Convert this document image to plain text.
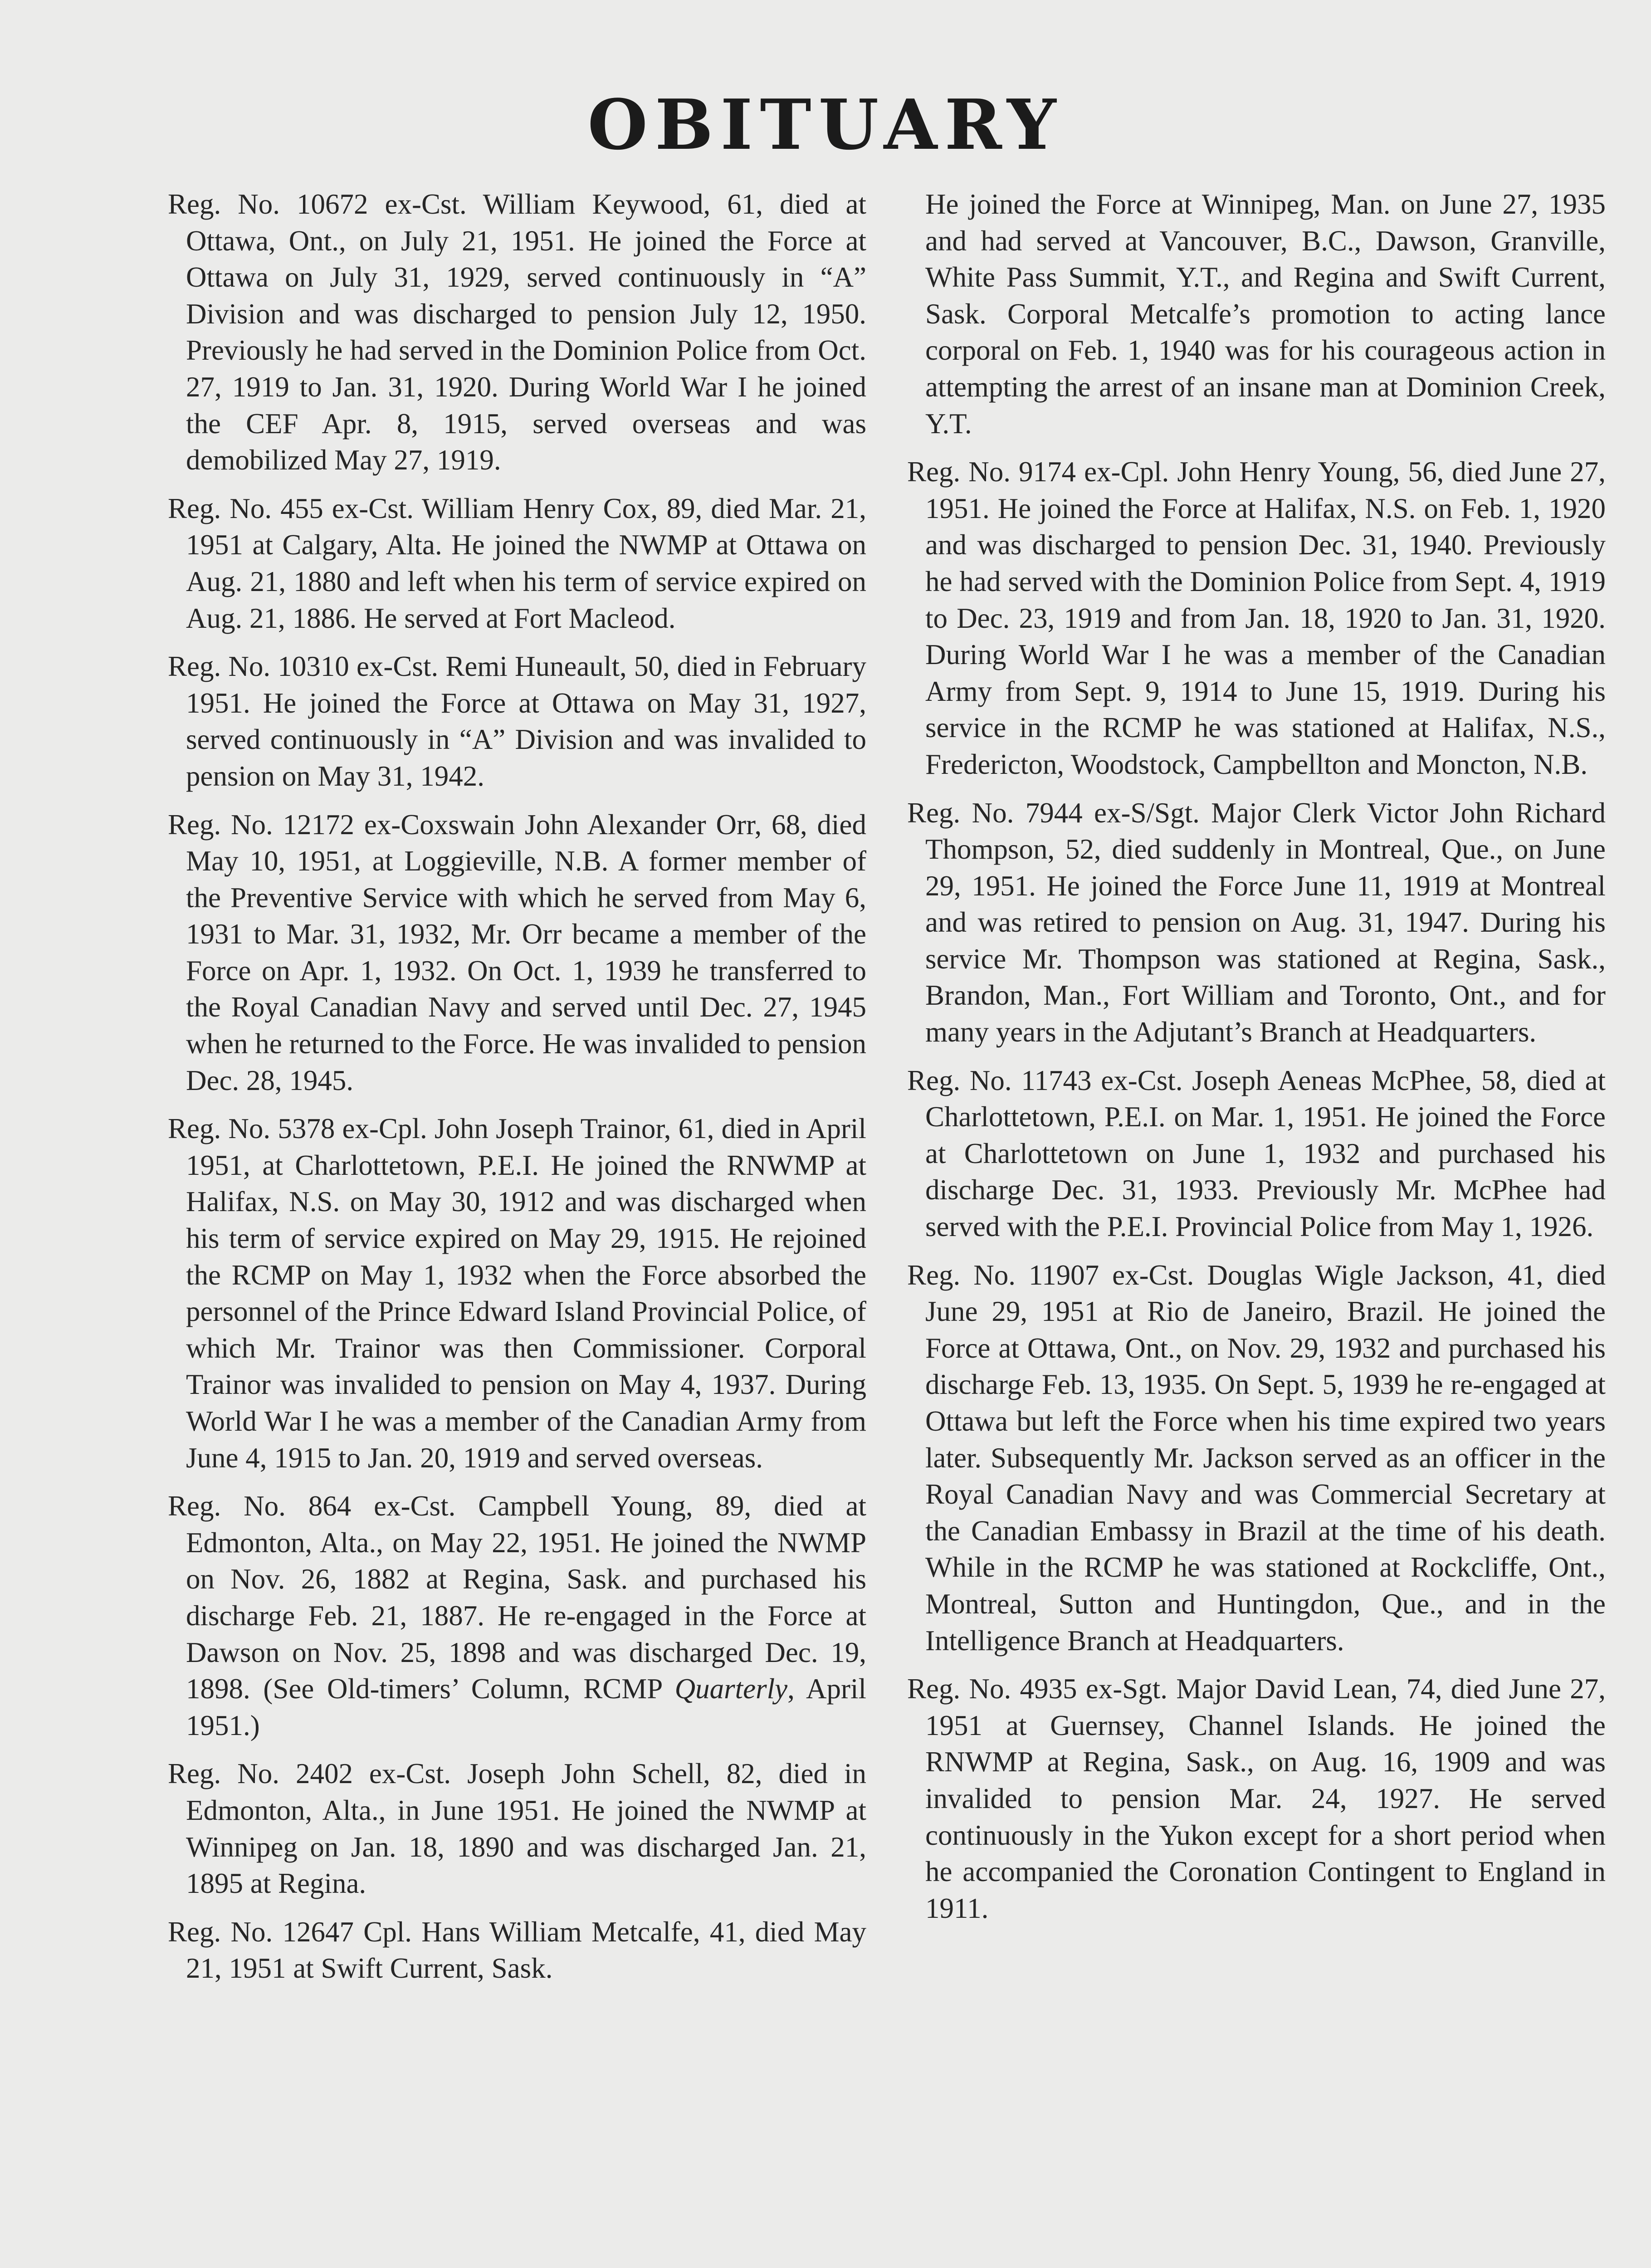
OBITUARY

Reg. No. 10672 ex-Cst. William Keywood, 61, died at Ottawa, Ont., on July 21, 1951. He joined the Force at Ottawa on July 31, 1929, served continuously in “A” Division and was discharged to pension July 12, 1950. Previously he had served in the Dominion Police from Oct. 27, 1919 to Jan. 31, 1920. During World War I he joined the CEF Apr. 8, 1915, served overseas and was demobilized May 27, 1919.

Reg. No. 455 ex-Cst. William Henry Cox, 89, died Mar. 21, 1951 at Calgary, Alta. He joined the NWMP at Ottawa on Aug. 21, 1880 and left when his term of service expired on Aug. 21, 1886. He served at Fort Macleod.

Reg. No. 10310 ex-Cst. Remi Huneault, 50, died in February 1951. He joined the Force at Ottawa on May 31, 1927, served continuously in “A” Division and was invalided to pension on May 31, 1942.

Reg. No. 12172 ex-Coxswain John Alexander Orr, 68, died May 10, 1951, at Loggieville, N.B. A former member of the Preventive Service with which he served from May 6, 1931 to Mar. 31, 1932, Mr. Orr became a member of the Force on Apr. 1, 1932. On Oct. 1, 1939 he transferred to the Royal Canadian Navy and served until Dec. 27, 1945 when he returned to the Force. He was invalided to pension Dec. 28, 1945.

Reg. No. 5378 ex-Cpl. John Joseph Trainor, 61, died in April 1951, at Charlottetown, P.E.I. He joined the RNWMP at Halifax, N.S. on May 30, 1912 and was discharged when his term of service expired on May 29, 1915. He rejoined the RCMP on May 1, 1932 when the Force absorbed the personnel of the Prince Edward Island Provincial Police, of which Mr. Trainor was then Commissioner. Corporal Trainor was invalided to pension on May 4, 1937. During World War I he was a member of the Canadian Army from June 4, 1915 to Jan. 20, 1919 and served overseas.

Reg. No. 864 ex-Cst. Campbell Young, 89, died at Edmonton, Alta., on May 22, 1951. He joined the NWMP on Nov. 26, 1882 at Regina, Sask. and purchased his discharge Feb. 21, 1887. He re-engaged in the Force at Dawson on Nov. 25, 1898 and was discharged Dec. 19, 1898. (See Old-timers’ Column, RCMP Quarterly, April 1951.)

Reg. No. 2402 ex-Cst. Joseph John Schell, 82, died in Edmonton, Alta., in June 1951. He joined the NWMP at Winnipeg on Jan. 18, 1890 and was discharged Jan. 21, 1895 at Regina.

Reg. No. 12647 Cpl. Hans William Metcalfe, 41, died May 21, 1951 at Swift Current, Sask.

He joined the Force at Winnipeg, Man. on June 27, 1935 and had served at Vancouver, B.C., Dawson, Granville, White Pass Summit, Y.T., and Regina and Swift Current, Sask. Corporal Metcalfe’s promotion to acting lance corporal on Feb. 1, 1940 was for his courageous action in attempting the arrest of an insane man at Dominion Creek, Y.T.

Reg. No. 9174 ex-Cpl. John Henry Young, 56, died June 27, 1951. He joined the Force at Halifax, N.S. on Feb. 1, 1920 and was discharged to pension Dec. 31, 1940. Previously he had served with the Dominion Police from Sept. 4, 1919 to Dec. 23, 1919 and from Jan. 18, 1920 to Jan. 31, 1920. During World War I he was a member of the Canadian Army from Sept. 9, 1914 to June 15, 1919. During his service in the RCMP he was stationed at Halifax, N.S., Fredericton, Woodstock, Campbellton and Moncton, N.B.

Reg. No. 7944 ex-S/Sgt. Major Clerk Victor John Richard Thompson, 52, died suddenly in Montreal, Que., on June 29, 1951. He joined the Force June 11, 1919 at Montreal and was retired to pension on Aug. 31, 1947. During his service Mr. Thompson was stationed at Regina, Sask., Brandon, Man., Fort William and Toronto, Ont., and for many years in the Adjutant’s Branch at Headquarters.

Reg. No. 11743 ex-Cst. Joseph Aeneas McPhee, 58, died at Charlottetown, P.E.I. on Mar. 1, 1951. He joined the Force at Charlottetown on June 1, 1932 and purchased his discharge Dec. 31, 1933. Previously Mr. McPhee had served with the P.E.I. Provincial Police from May 1, 1926.

Reg. No. 11907 ex-Cst. Douglas Wigle Jackson, 41, died June 29, 1951 at Rio de Janeiro, Brazil. He joined the Force at Ottawa, Ont., on Nov. 29, 1932 and purchased his discharge Feb. 13, 1935. On Sept. 5, 1939 he re-engaged at Ottawa but left the Force when his time expired two years later. Subsequently Mr. Jackson served as an officer in the Royal Canadian Navy and was Commercial Secretary at the Canadian Embassy in Brazil at the time of his death. While in the RCMP he was stationed at Rockcliffe, Ont., Montreal, Sutton and Huntingdon, Que., and in the Intelligence Branch at Headquarters.

Reg. No. 4935 ex-Sgt. Major David Lean, 74, died June 27, 1951 at Guernsey, Channel Islands. He joined the RNWMP at Regina, Sask., on Aug. 16, 1909 and was invalided to pension Mar. 24, 1927. He served continuously in the Yukon except for a short period when he accompanied the Coronation Contingent to England in 1911.
